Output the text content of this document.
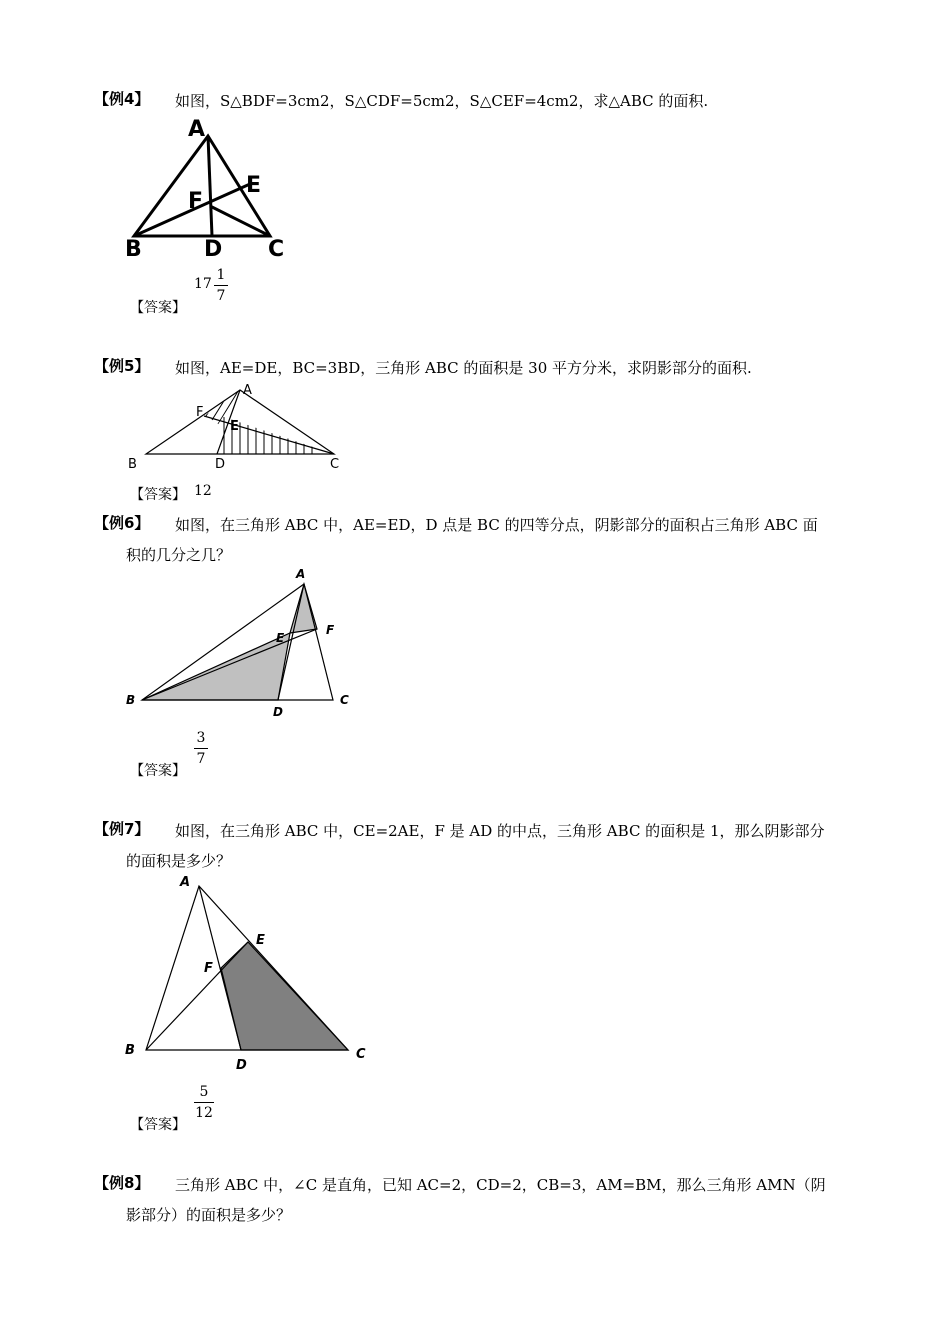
【例4】 如图，S△BDF=3cm2，S△CDF=5cm2，S△CEF=4cm2，求△ABC 的面积.
A
B	D C
E
F
【答案】
17
1
7
【例5】 如图，AE=DE，BC=3BD，三角形 ABC 的面积是 30 平方分米，求阴影部分的面积.
A
F
E
B	D	C
【答案】 12
【例6】 如图，在三角形 ABC 中，AE=ED，D 点是 BC 的四等分点，阴影部分的面积占三角形 ABC 面
积的几分之几？
A
E
F
B
D
C
【答案】
3
7
【例7】 如图，在三角形 ABC 中，CE=2AE，F 是 AD 的中点，三角形 ABC 的面积是 1，那么阴影部分
的面积是多少？
A
E
F
B
D
C
【答案】
5
12
【例8】 三角形 ABC 中，∠C 是直角，已知 AC=2，CD=2，CB=3，AM=BM，那么三角形 AMN（阴
影部分）的面积是多少？
